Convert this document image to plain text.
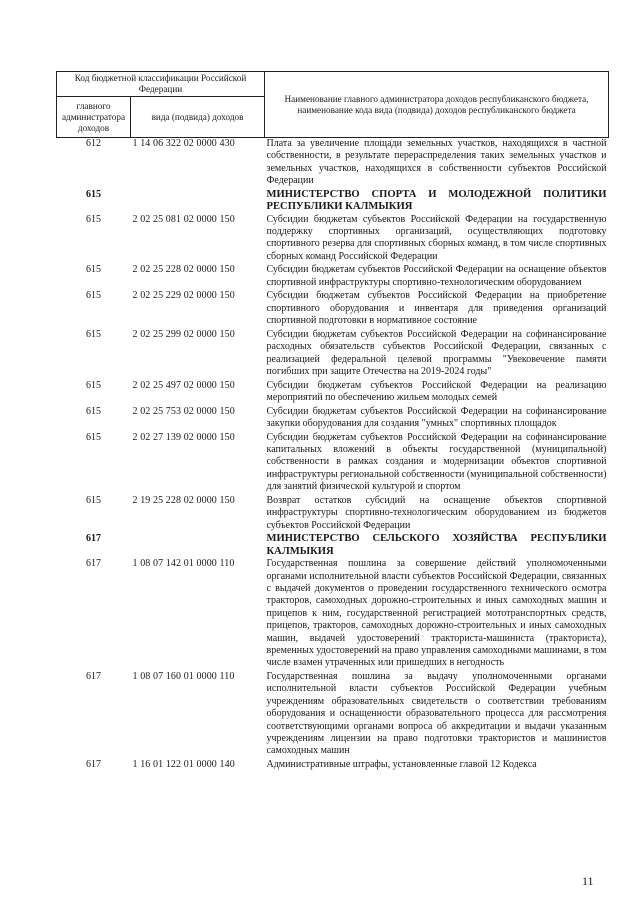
Код бюджетной классификации Российской Федерации		Наименование главного администратора доходов республиканского бюджета, наименование кода вида (подвида) доходов республиканского бюджета
главного администратора доходов	вида (подвида) доходов	
612	1 14 06 322 02 0000 430	Плата за увеличение площади земельных участков, находящихся в частной собственности, в результате перераспределения таких земельных участков и земельных участков, находящихся в собственности субъектов Российской Федерации
615		МИНИСТЕРСТВО СПОРТА И МОЛОДЕЖНОЙ ПОЛИТИКИ РЕСПУБЛИКИ КАЛМЫКИЯ
615	2 02 25 081 02 0000 150	Субсидии бюджетам субъектов Российской Федерации на государственную поддержку спортивных организаций, осуществляющих подготовку спортивного резерва для спортивных сборных команд, в том числе спортивных сборных команд Российской Федерации
615	2 02 25 228 02 0000 150	Субсидии бюджетам субъектов Российской Федерации на оснащение объектов спортивной инфраструктуры спортивно-технологическим оборудованием
615	2 02 25 229 02 0000 150	Субсидии бюджетам субъектов Российской Федерации на приобретение спортивного оборудования и инвентаря для приведения организаций спортивной подготовки в нормативное состояние
615	2 02 25 299 02 0000 150	Субсидии бюджетам субъектов Российской Федерации на софинансирование расходных обязательств субъектов Российской Федерации, связанных с реализацией федеральной целевой программы "Увековечение памяти погибших при защите Отечества на 2019-2024 годы"
615	2 02 25 497 02 0000 150	Субсидии бюджетам субъектов Российской Федерации на реализацию мероприятий по обеспечению жильем молодых семей
615	2 02 25 753 02 0000 150	Субсидии бюджетам субъектов Российской Федерации на софинансирование закупки оборудования для создания "умных" спортивных площадок
615	2 02 27 139 02 0000 150	Субсидии бюджетам субъектов Российской Федерации на софинансирование капитальных вложений в объекты государственной (муниципальной) собственности в рамках создания и модернизации объектов спортивной инфраструктуры региональной собственности (муниципальной собственности) для занятий физической культурой и спортом
615	2 19 25 228 02 0000 150	Возврат остатков субсидий на оснащение объектов спортивной инфраструктуры спортивно-технологическим оборудованием из бюджетов субъектов Российской Федерации
617		МИНИСТЕРСТВО СЕЛЬСКОГО ХОЗЯЙСТВА РЕСПУБЛИКИ КАЛМЫКИЯ
617	1 08 07 142 01 0000 110	Государственная пошлина за совершение действий уполномоченными органами исполнительной власти субъектов Российской Федерации, связанных с выдачей документов о проведении государственного технического осмотра тракторов, самоходных дорожно-строительных и иных самоходных машин и прицепов к ним, государственной регистрацией мототранспортных средств, прицепов, тракторов, самоходных дорожно-строительных и иных самоходных машин, выдачей удостоверений тракториста-машиниста (тракториста), временных удостоверений на право управления самоходными машинами, в том числе взамен утраченных или пришедших в негодность
617	1 08 07 160 01 0000 110	Государственная пошлина за выдачу уполномоченными органами исполнительной власти субъектов Российской Федерации учебным учреждениям образовательных свидетельств о соответствии требованиям оборудования и оснащенности образовательного процесса для рассмотрения соответствующими органами вопроса об аккредитации и выдачи указанным учреждениям лицензии на право подготовки трактористов и машинистов самоходных машин
617	1 16 01 122 01 0000 140	Административные штрафы, установленные главой 12 Кодекса
11
